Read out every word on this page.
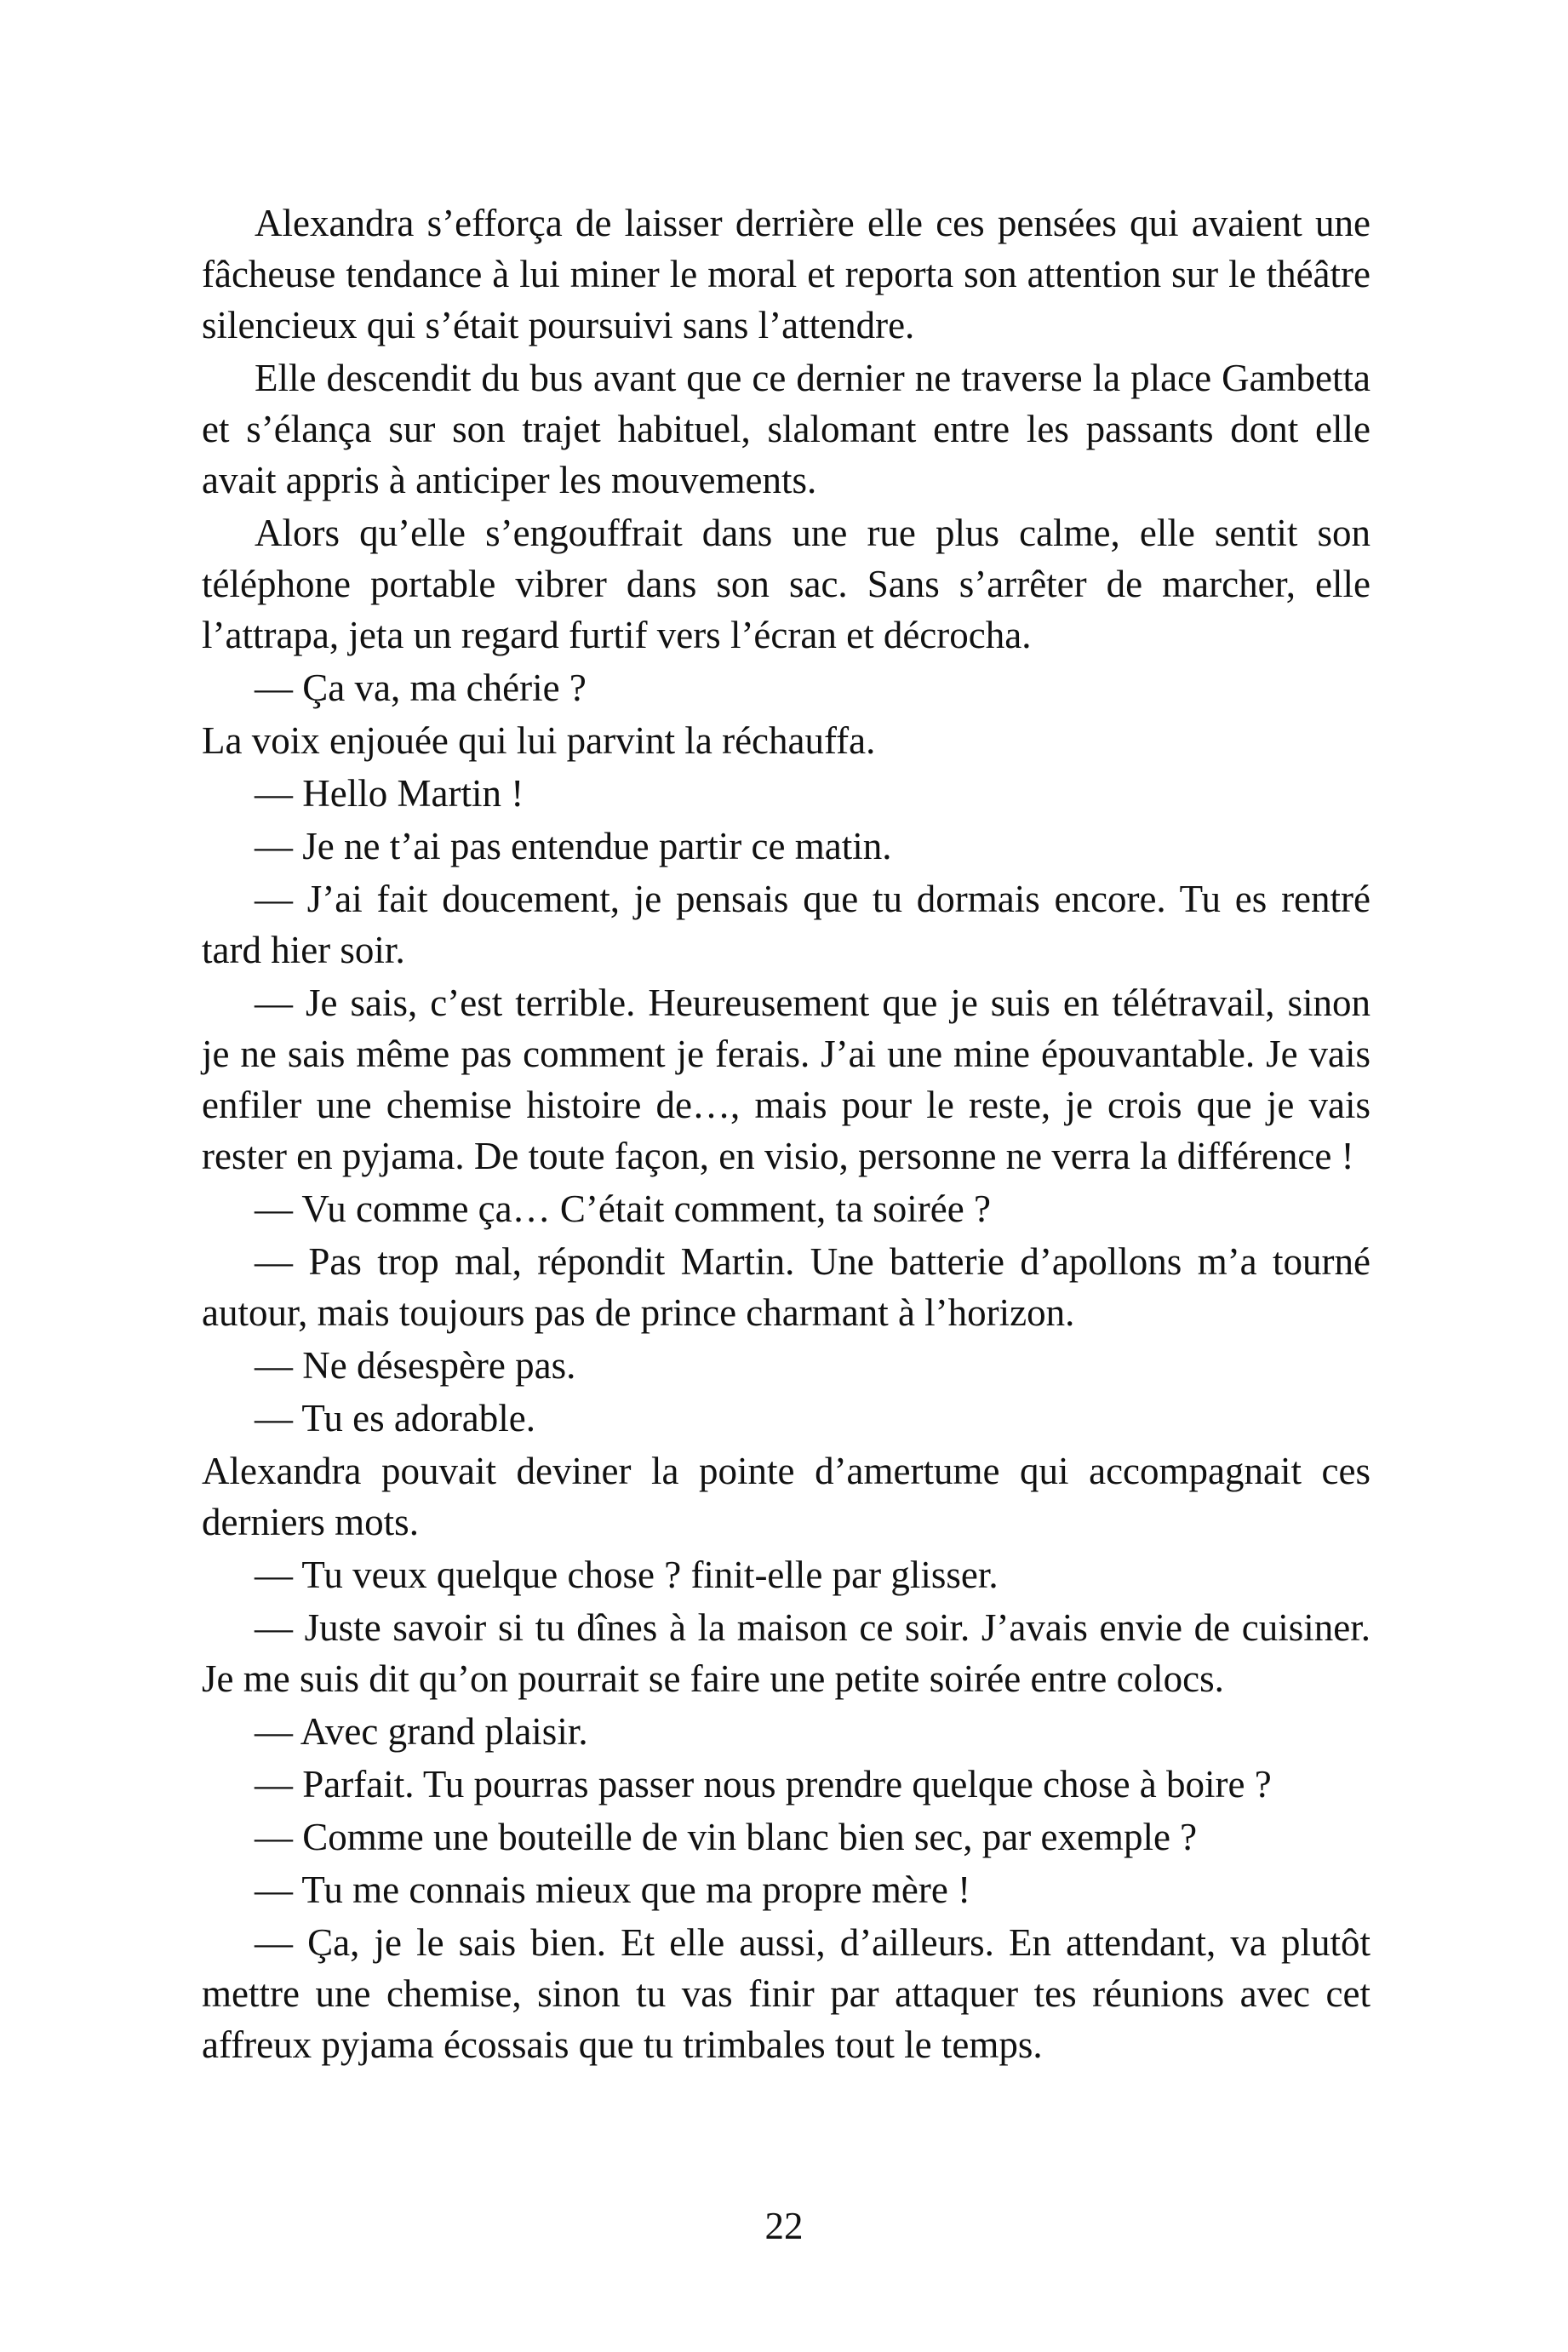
Alexandra s’efforça de laisser derrière elle ces pensées qui avaient une fâcheuse tendance à lui miner le moral et reporta son attention sur le théâtre silencieux qui s’était poursuivi sans l’attendre.

Elle descendit du bus avant que ce dernier ne traverse la place Gambetta et s’élança sur son trajet habituel, slalomant entre les passants dont elle avait appris à anticiper les mouvements.

Alors qu’elle s’engouffrait dans une rue plus calme, elle sentit son téléphone portable vibrer dans son sac. Sans s’arrêter de marcher, elle l’attrapa, jeta un regard furtif vers l’écran et décrocha.

— Ça va, ma chérie ?

La voix enjouée qui lui parvint la réchauffa.

— Hello Martin !

— Je ne t’ai pas entendue partir ce matin.

— J’ai fait doucement, je pensais que tu dormais encore. Tu es rentré tard hier soir.

— Je sais, c’est terrible. Heureusement que je suis en télétravail, sinon je ne sais même pas comment je ferais. J’ai une mine épouvantable. Je vais enfiler une chemise histoire de…, mais pour le reste, je crois que je vais rester en pyjama. De toute façon, en visio, personne ne verra la différence !

— Vu comme ça… C’était comment, ta soirée ?

— Pas trop mal, répondit Martin. Une batterie d’apollons m’a tourné autour, mais toujours pas de prince charmant à l’horizon.

— Ne désespère pas.

— Tu es adorable.

Alexandra pouvait deviner la pointe d’amertume qui accompagnait ces derniers mots.

— Tu veux quelque chose ? finit-elle par glisser.

— Juste savoir si tu dînes à la maison ce soir. J’avais envie de cuisiner. Je me suis dit qu’on pourrait se faire une petite soirée entre colocs.

— Avec grand plaisir.

— Parfait. Tu pourras passer nous prendre quelque chose à boire ?

— Comme une bouteille de vin blanc bien sec, par exemple ?

— Tu me connais mieux que ma propre mère !

— Ça, je le sais bien. Et elle aussi, d’ailleurs. En attendant, va plutôt mettre une chemise, sinon tu vas finir par attaquer tes réunions avec cet affreux pyjama écossais que tu trimbales tout le temps.

22
